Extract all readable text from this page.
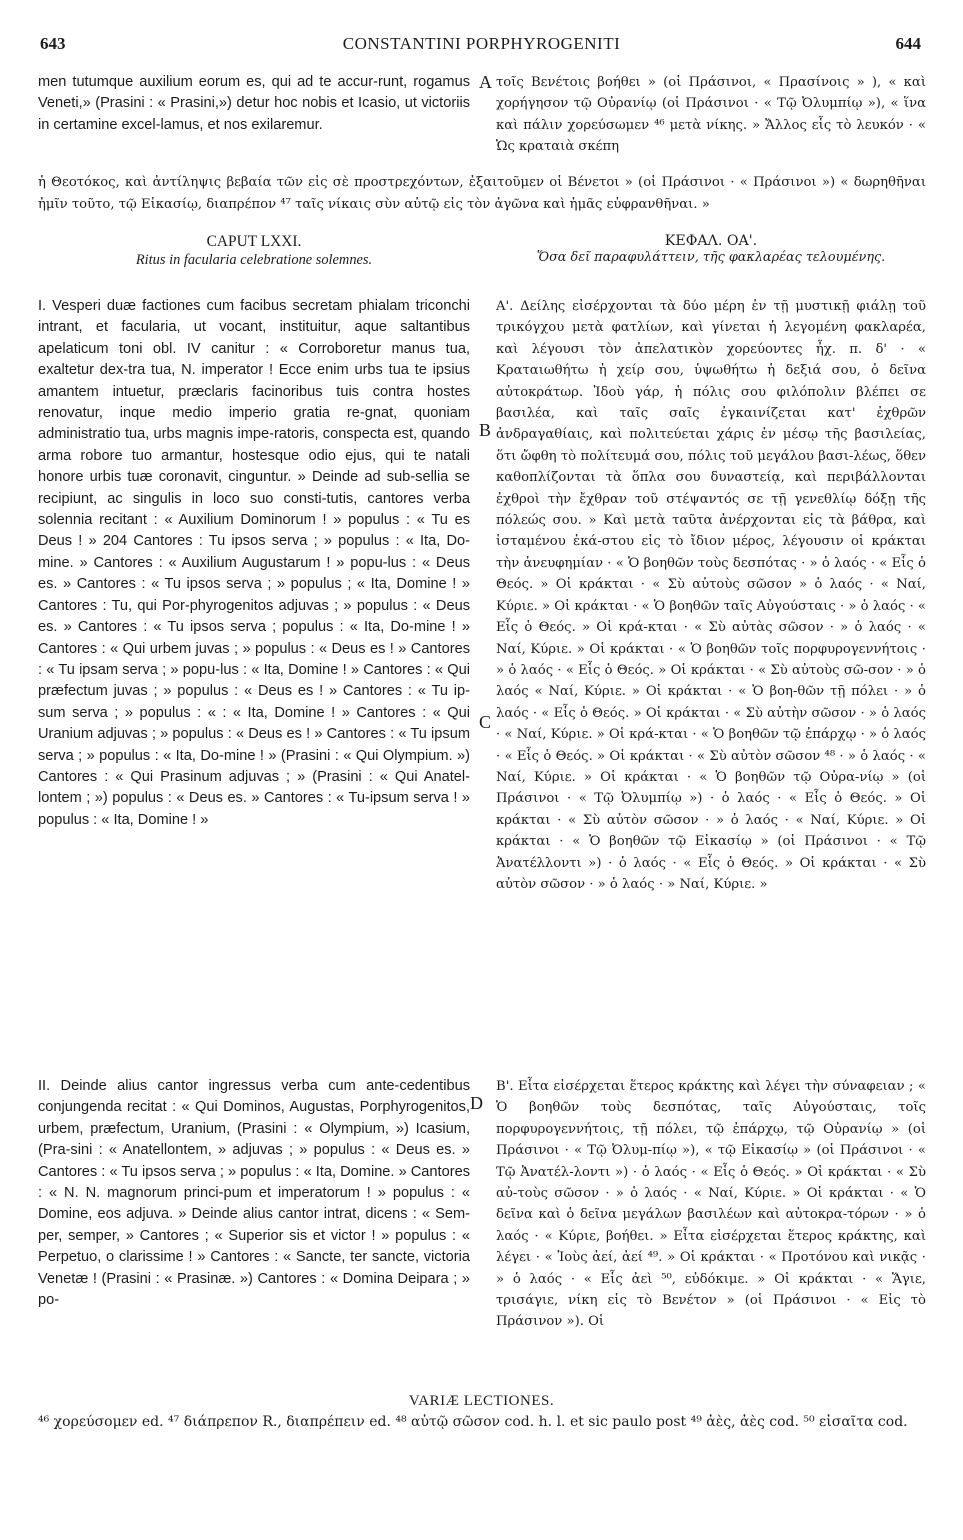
643	CONSTANTINI PORPHYROGENITI	644

men tutumque auxilium eorum es, qui ad te accur-runt, rogamus Veneti,» (Prasini : « Prasini,») detur hoc nobis et Icasio, ut victoriis in certamine excel-lamus, et nos exilaremur.

A τοῖς Βενέτοις βοήθει » (οἱ Πράσινοι, « Πρασίνοις » ), « καὶ χορήγησον τῷ Οὐρανίῳ (οἱ Πράσινοι · « Τῷ Ὀλυμπίῳ »), « ἵνα καὶ πάλιν χορεύσωμεν ⁴⁶ μετὰ νίκης. » Ἄλλος εἷς τὸ λευκόν · « Ὡς κραταιὰ σκέπη

ἡ Θεοτόκος, καὶ ἀντίληψις βεβαία τῶν εἰς σὲ προστρεχόντων, ἐξαιτοῦμεν οἱ Βένετοι » (οἱ Πράσινοι · « Πράσινοι ») « δωρηθῆναι ἡμῖν τοῦτο, τῷ Εἰκασίῳ, διαπρέπον ⁴⁷ ταῖς νίκαις σὺν αὐτῷ εἰς τὸν ἀγῶνα καὶ ἡμᾶς εὐφρανθῆναι. »

CAPUT LXXI.
Ritus in facularia celebratione solemnes.
ΚΕΦΑΛ. ΟΑ'.
Ὅσα δεῖ παραφυλάττειν, τῆς φακλαρέας τελουμένης.

I. Vesperi duæ factiones cum facibus secretam phialam triconchi intrant, et facularia, ut vocant, instituitur, aque saltantibus apelaticum toni obl. IV canitur : « Corroboretur manus tua, exaltetur dex-tra tua, N. imperator ! Ecce enim urbs tua te ipsius amantem intuetur, præclaris facinoribus tuis contra hostes renovatur, inque medio imperio gratia re-gnat, quoniam administratio tua, urbs magnis impe-ratoris, conspecta est, quando arma robore tuo armantur, hostesque odio ejus, qui te natali honore urbis tuæ coronavit, cinguntur. » Deinde ad sub-sellia se recipiunt, ac singulis in loco suo consti-tutis, cantores verba solennia recitant : « Auxilium Dominorum ! » populus : « Tu es Deus ! » 204 Cantores : Tu ipsos serva ; » populus : « Ita, Do-mine. » Cantores : « Auxilium Augustarum ! » popu-lus : « Deus es. » Cantores : « Tu ipsos serva ; » populus ; « Ita, Domine ! » Cantores : Tu, qui Por-phyrogenitos adjuvas ; » populus : « Deus es. » Cantores : « Tu ipsos serva ; populus : « Ita, Do-mine ! » Cantores : « Qui urbem juvas ; » populus : « Deus es ! » Cantores : « Tu ipsam serva ; » popu-lus : « Ita, Domine ! » Cantores : « Qui præfectum juvas ; » populus : « Deus es ! » Cantores : « Tu ip-sum serva ; » populus : « : « Ita, Domine ! » Cantores : « Qui Uranium adjuvas ; » populus : « Deus es ! » Cantores : « Tu ipsum serva ; » populus : « Ita, Do-mine ! » (Prasini : « Qui Olympium. ») Cantores : « Qui Prasinum adjuvas ; » (Prasini : « Qui Anatel-lontem ; ») populus : « Deus es. » Cantores : « Tu-ipsum serva ! » populus : « Ita, Domine ! »

B
C

Α'. Δείλης εἰσέρχονται τὰ δύο μέρη ἐν τῇ μυστικῇ φιάλῃ τοῦ τρικόγχου μετὰ φατλίων, καὶ γίνεται ἡ λεγομένη φακλαρέα, καὶ λέγουσι τὸν ἀπελατικὸν χορεύοντες ἦχ. π. δ' · « Κραταιωθήτω ἡ χείρ σου, ὑψωθήτω ἡ δεξιά σου, ὁ δεῖνα αὐτοκράτωρ. Ἰδοὺ γάρ, ἡ πόλις σου φιλόπολιν βλέπει σε βασιλέα, καὶ ταῖς σαῖς ἐγκαινίζεται κατ' ἐχθρῶν ἀνδραγαθίαις, καὶ πολιτεύεται χάρις ἐν μέσῳ τῆς βασιλείας, ὅτι ὤφθη τὸ πολίτευμά σου, πόλις τοῦ μεγάλου βασι-λέως, ὅθεν καθοπλίζονται τὰ ὅπλα σου δυναστείᾳ, καὶ περιβάλλονται ἐχθροὶ τὴν ἔχθραν τοῦ στέψαντός σε τῇ γενεθλίῳ δόξῃ τῆς πόλεώς σου. » Καὶ μετὰ ταῦτα ἀνέρχονται εἰς τὰ βάθρα, καὶ ἱσταμένου ἑκά-στου εἰς τὸ ἴδιον μέρος, λέγουσιν οἱ κράκται τὴν ἀνευφημίαν · « Ὁ βοηθῶν τοὺς δεσπότας · » ὁ λαός · « Εἷς ὁ Θεός. » Οἱ κράκται · « Σὺ αὐτοὺς σῶσον » ὁ λαός · « Ναί, Κύριε. » Οἱ κράκται · « Ὁ βοηθῶν ταῖς Αὐγούσταις · » ὁ λαός · « Εἷς ὁ Θεός. » Οἱ κρά-κται · « Σὺ αὐτὰς σῶσον · » ὁ λαός · « Ναί, Κύριε. » Οἱ κράκται · « Ὁ βοηθῶν τοῖς πορφυρογεννήτοις · » ὁ λαός · « Εἷς ὁ Θεός. » Οἱ κράκται · « Σὺ αὐτοὺς σῶ-σον · » ὁ λαός « Ναί, Κύριε. » Οἱ κράκται · « Ὁ βοη-θῶν τῇ πόλει · » ὁ λαός · « Εἷς ὁ Θεός. » Οἱ κράκται · « Σὺ αὐτὴν σῶσον · » ὁ λαός · « Ναί, Κύριε. » Οἱ κρά-κται · « Ὁ βοηθῶν τῷ ἐπάρχῳ · » ὁ λαός · « Εἷς ὁ Θεός. » Οἱ κράκται · « Σὺ αὐτὸν σῶσον ⁴⁸ · » ὁ λαός · « Ναί, Κύριε. » Οἱ κράκται · « Ὁ βοηθῶν τῷ Οὐρα-νίῳ » (οἱ Πράσινοι · « Τῷ Ὀλυμπίῳ ») · ὁ λαός · « Εἷς ὁ Θεός. » Οἱ κράκται · « Σὺ αὐτὸν σῶσον · » ὁ λαός · « Ναί, Κύριε. » Οἱ κράκται · « Ὁ βοηθῶν τῷ Εἰκασίῳ » (οἱ Πράσινοι · « Τῷ Ἀνατέλλοντι ») · ὁ λαός · « Εἷς ὁ Θεός. » Οἱ κράκται · « Σὺ αὐτὸν σῶσον · » ὁ λαός · » Ναί, Κύριε. »

II. Deinde alius cantor ingressus verba cum ante-cedentibus conjungenda recitat : « Qui Dominos, Augustas, Porphyrogenitos, urbem, præfectum, Uranium, (Prasini : « Olympium, ») Icasium, (Pra-sini : « Anatellontem, » adjuvas ; » populus : « Deus es. » Cantores : « Tu ipsos serva ; » populus : « Ita, Domine. » Cantores : « N. N. magnorum princi-pum et imperatorum ! » populus : « Domine, eos adjuva. » Deinde alius cantor intrat, dicens : « Sem-per, semper, » Cantores ; « Superior sis et victor ! » populus : « Perpetuo, o clarissime ! » Cantores : « Sancte, ter sancte, victoria Venetæ ! (Prasini : « Prasinæ. ») Cantores : « Domina Deipara ; » po-

D

Β'. Εἶτα εἰσέρχεται ἕτερος κράκτης καὶ λέγει τὴν σύναφειαν ; « Ὁ βοηθῶν τοὺς δεσπότας, ταῖς Αὐγούσταις, τοῖς πορφυρογεννήτοις, τῇ πόλει, τῷ ἐπάρχῳ, τῷ Οὐρανίῳ » (οἱ Πράσινοι · « Τῷ Ὀλυμ-πίῳ »), « τῷ Εἰκασίῳ » (οἱ Πράσινοι · « Τῷ Ἀνατέλ-λοντι ») · ὁ λαός · « Εἷς ὁ Θεός. » Οἱ κράκται · « Σὺ αὐ-τοὺς σῶσον · » ὁ λαός · « Ναί, Κύριε. » Οἱ κράκται · « Ὁ δεῖνα καὶ ὁ δεῖνα μεγάλων βασιλέων καὶ αὐτοκρα-τόρων · » ὁ λαός · « Κύριε, βοήθει. » Εἶτα εἰσέρχεται ἕτερος κράκτης, καὶ λέγει · « Ἰοὺς ἀεί, ἀεί ⁴⁹. » Οἱ κράκται · « Προτόνου καὶ νικᾷς · » ὁ λαός · « Εἷς ἀεὶ ⁵⁰, εὐδόκιμε. » Οἱ κράκται · « Ἅγιε, τρισάγιε, νίκη εἰς τὸ Βενέτον » (οἱ Πράσινοι · « Εἰς τὸ Πράσινον »). Οἱ

VARIÆ LECTIONES.
⁴⁶ χορεύσομεν ed. ⁴⁷ διάπρεπον R., διαπρέπειν ed. ⁴⁸ αὐτῷ σῶσον cod. h. l. et sic paulo post ⁴⁹ ἀὲς, ἀὲς cod. ⁵⁰ εἰσαῖτα cod.
